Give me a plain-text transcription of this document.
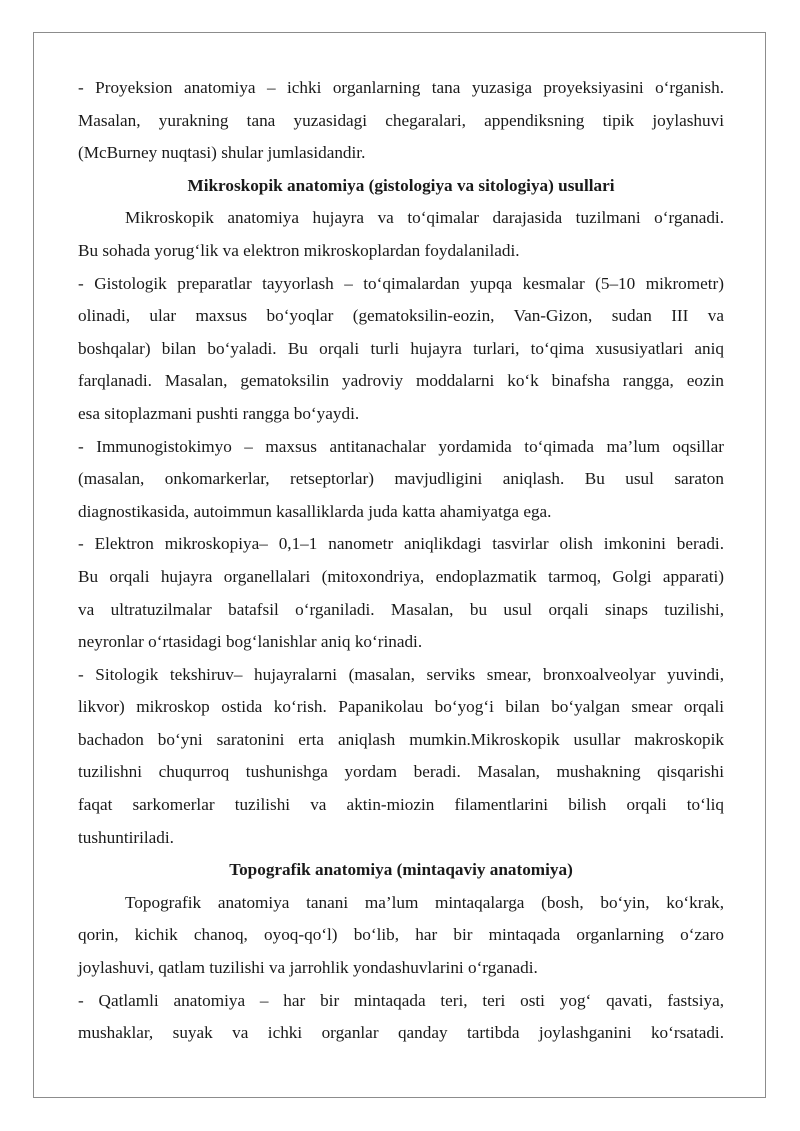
- Proyeksion anatomiya – ichki organlarning tana yuzasiga proyeksiyasini o‘rganish.
Masalan, yurakning tana yuzasidagi chegaralari, appendiksning tipik joylashuvi
(McBurney nuqtasi) shular jumlasidandir.
Mikroskopik anatomiya (gistologiya va sitologiya) usullari
Mikroskopik anatomiya hujayra va to‘qimalar darajasida tuzilmani o‘rganadi.
Bu sohada yorug‘lik va elektron mikroskoplardan foydalaniladi.
- Gistologik preparatlar tayyorlash – to‘qimalardan yupqa kesmalar (5–10 mikrometr)
olinadi, ular maxsus bo‘yoqlar (gematoksilin-eozin, Van-Gizon, sudan III va
boshqalar) bilan bo‘yaladi. Bu orqali turli hujayra turlari, to‘qima xususiyatlari aniq
farqlanadi. Masalan, gematoksilin yadroviy moddalarni ko‘k binafsha rangga, eozin
esa sitoplazmani pushti rangga bo‘yaydi.
- Immunogistokimyo – maxsus antitanachalar yordamida to‘qimada ma’lum oqsillar
(masalan, onkomarkerlar, retseptorlar) mavjudligini aniqlash. Bu usul saraton
diagnostikasida, autoimmun kasalliklarda juda katta ahamiyatga ega.
- Elektron mikroskopiya– 0,1–1 nanometr aniqlikdagi tasvirlar olish imkonini beradi.
Bu orqali hujayra organellalari (mitoxondriya, endoplazmatik tarmoq, Golgi apparati)
va ultratuzilmalar batafsil o‘rganiladi. Masalan, bu usul orqali sinaps tuzilishi,
neyronlar o‘rtasidagi bog‘lanishlar aniq ko‘rinadi.
- Sitologik tekshiruv– hujayralarni (masalan, serviks smear, bronxoalveolyar yuvindi,
likvor) mikroskop ostida ko‘rish. Papanikolau bo‘yog‘i bilan bo‘yalgan smear orqali
bachadon bo‘yni saratonini erta aniqlash mumkin.Mikroskopik usullar makroskopik
tuzilishni chuqurroq tushunishga yordam beradi. Masalan, mushakning qisqarishi
faqat sarkomerlar tuzilishi va aktin-miozin filamentlarini bilish orqali to‘liq
tushuntiriladi.
Topografik anatomiya (mintaqaviy anatomiya)
Topografik anatomiya tanani ma’lum mintaqalarga (bosh, bo‘yin, ko‘krak,
qorin, kichik chanoq, oyoq-qo‘l) bo‘lib, har bir mintaqada organlarning o‘zaro
joylashuvi, qatlam tuzilishi va jarrohlik yondashuvlarini o‘rganadi.
- Qatlamli anatomiya – har bir mintaqada teri, teri osti yog‘ qavati, fastsiya,
mushaklar, suyak va ichki organlar qanday tartibda joylashganini ko‘rsatadi.
